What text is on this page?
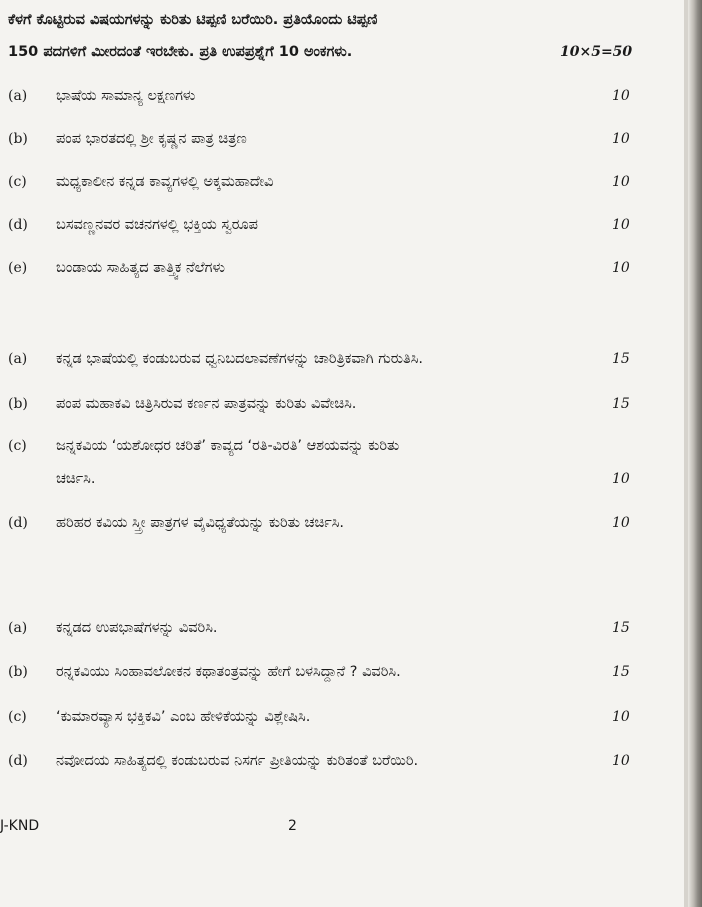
ಕೆಳಗೆ ಕೊಟ್ಟಿರುವ ವಿಷಯಗಳನ್ನು ಕುರಿತು ಟಿಪ್ಪಣಿ ಬರೆಯಿರಿ. ಪ್ರತಿಯೊಂದು ಟಿಪ್ಪಣಿ
150 ಪದಗಳಿಗೆ ಮೀರದಂತೆ ಇರಬೇಕು. ಪ್ರತಿ ಉಪಪ್ರಶ್ನೆಗೆ 10 ಅಂಕಗಳು.	10×5=50
(a) ಭಾಷೆಯ ಸಾಮಾನ್ಯ ಲಕ್ಷಣಗಳು	10
(b) ಪಂಪ ಭಾರತದಲ್ಲಿ ಶ್ರೀ ಕೃಷ್ಣನ ಪಾತ್ರ ಚಿತ್ರಣ	10
(c) ಮಧ್ಯಕಾಲೀನ ಕನ್ನಡ ಕಾವ್ಯಗಳಲ್ಲಿ ಅಕ್ಕಮಹಾದೇವಿ	10
(d) ಬಸವಣ್ಣನವರ ವಚನಗಳಲ್ಲಿ ಭಕ್ತಿಯ ಸ್ವರೂಪ	10
(e) ಬಂಡಾಯ ಸಾಹಿತ್ಯದ ತಾತ್ತ್ವಿಕ ನೆಲೆಗಳು	10
(a) ಕನ್ನಡ ಭಾಷೆಯಲ್ಲಿ ಕಂಡುಬರುವ ಧ್ವನಿಬದಲಾವಣೆಗಳನ್ನು ಚಾರಿತ್ರಿಕವಾಗಿ ಗುರುತಿಸಿ.	15
(b) ಪಂಪ ಮಹಾಕವಿ ಚಿತ್ರಿಸಿರುವ ಕರ್ಣನ ಪಾತ್ರವನ್ನು ಕುರಿತು ವಿವೇಚಿಸಿ.	15
(c) ಜನ್ನಕವಿಯ ‘ಯಶೋಧರ ಚರಿತೆ’ ಕಾವ್ಯದ ‘ರತಿ-ವಿರತಿ’ ಆಶಯವನ್ನು ಕುರಿತು
ಚರ್ಚಿಸಿ.	10
(d) ಹರಿಹರ ಕವಿಯ ಸ್ತ್ರೀ ಪಾತ್ರಗಳ ವೈವಿಧ್ಯತೆಯನ್ನು ಕುರಿತು ಚರ್ಚಿಸಿ.	10
(a) ಕನ್ನಡದ ಉಪಭಾಷೆಗಳನ್ನು ವಿವರಿಸಿ.	15
(b) ರನ್ನಕವಿಯು ಸಿಂಹಾವಲೋಕನ ಕಥಾತಂತ್ರವನ್ನು ಹೇಗೆ ಬಳಸಿದ್ದಾನೆ ? ವಿವರಿಸಿ.	15
(c) ‘ಕುಮಾರವ್ಯಾಸ ಭಕ್ತಿಕವಿ’ ಎಂಬ ಹೇಳಿಕೆಯನ್ನು ವಿಶ್ಲೇಷಿಸಿ.	10
(d) ನವೋದಯ ಸಾಹಿತ್ಯದಲ್ಲಿ ಕಂಡುಬರುವ ನಿಸರ್ಗ ಪ್ರೀತಿಯನ್ನು ಕುರಿತಂತೆ ಬರೆಯಿರಿ.	10
J-KND	2
